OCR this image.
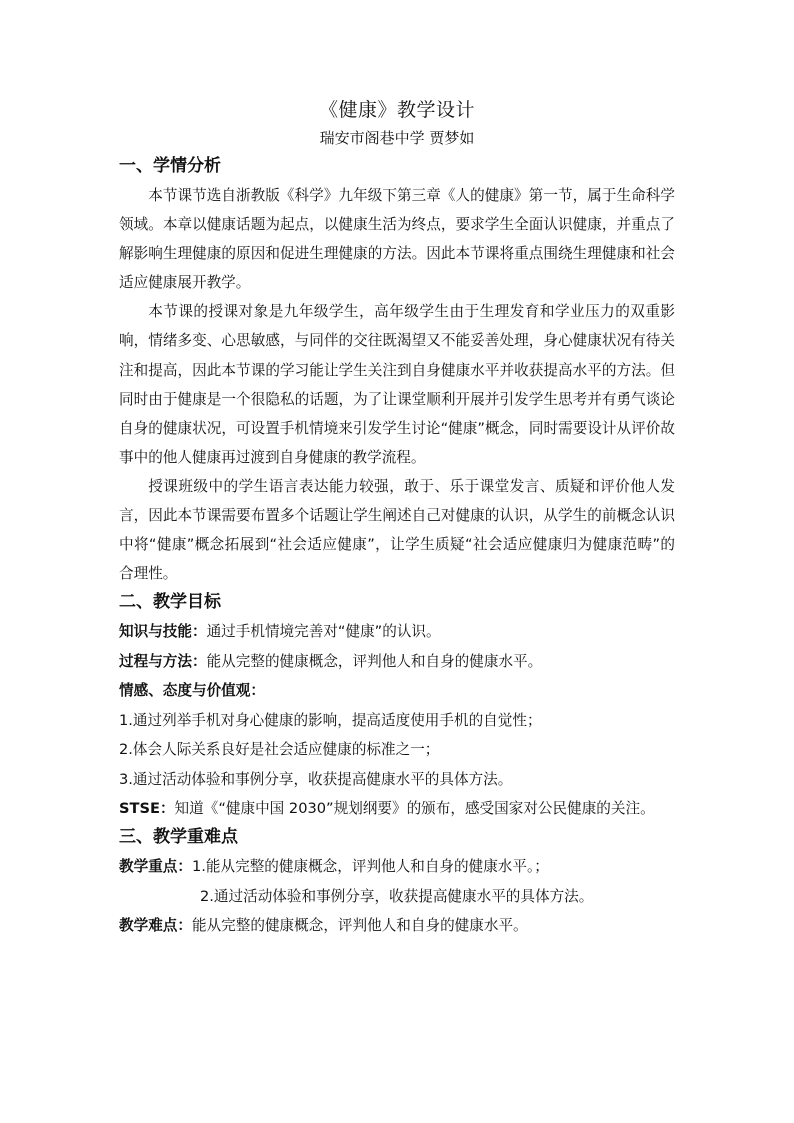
《健康》教学设计

瑞安市阁巷中学 贾梦如

一、学情分析

本节课节选自浙教版《科学》九年级下第三章《人的健康》第一节，属于生命科学领域。本章以健康话题为起点，以健康生活为终点，要求学生全面认识健康，并重点了解影响生理健康的原因和促进生理健康的方法。因此本节课将重点围绕生理健康和社会适应健康展开教学。

本节课的授课对象是九年级学生，高年级学生由于生理发育和学业压力的双重影响，情绪多变、心思敏感，与同伴的交往既渴望又不能妥善处理，身心健康状况有待关注和提高，因此本节课的学习能让学生关注到自身健康水平并收获提高水平的方法。但同时由于健康是一个很隐私的话题，为了让课堂顺利开展并引发学生思考并有勇气谈论自身的健康状况，可设置手机情境来引发学生讨论“健康”概念，同时需要设计从评价故事中的他人健康再过渡到自身健康的教学流程。

授课班级中的学生语言表达能力较强，敢于、乐于课堂发言、质疑和评价他人发言，因此本节课需要布置多个话题让学生阐述自己对健康的认识，从学生的前概念认识中将“健康”概念拓展到“社会适应健康”，让学生质疑“社会适应健康归为健康范畴”的合理性。

二、教学目标

知识与技能：通过手机情境完善对“健康”的认识。

过程与方法：能从完整的健康概念，评判他人和自身的健康水平。

情感、态度与价值观：

1.通过列举手机对身心健康的影响，提高适度使用手机的自觉性；

2.体会人际关系良好是社会适应健康的标准之一；

3.通过活动体验和事例分享，收获提高健康水平的具体方法。

STSE：知道《“健康中国 2030”规划纲要》的颁布，感受国家对公民健康的关注。

三、教学重难点

教学重点：1.能从完整的健康概念，评判他人和自身的健康水平。；

2.通过活动体验和事例分享，收获提高健康水平的具体方法。

教学难点：能从完整的健康概念，评判他人和自身的健康水平。
